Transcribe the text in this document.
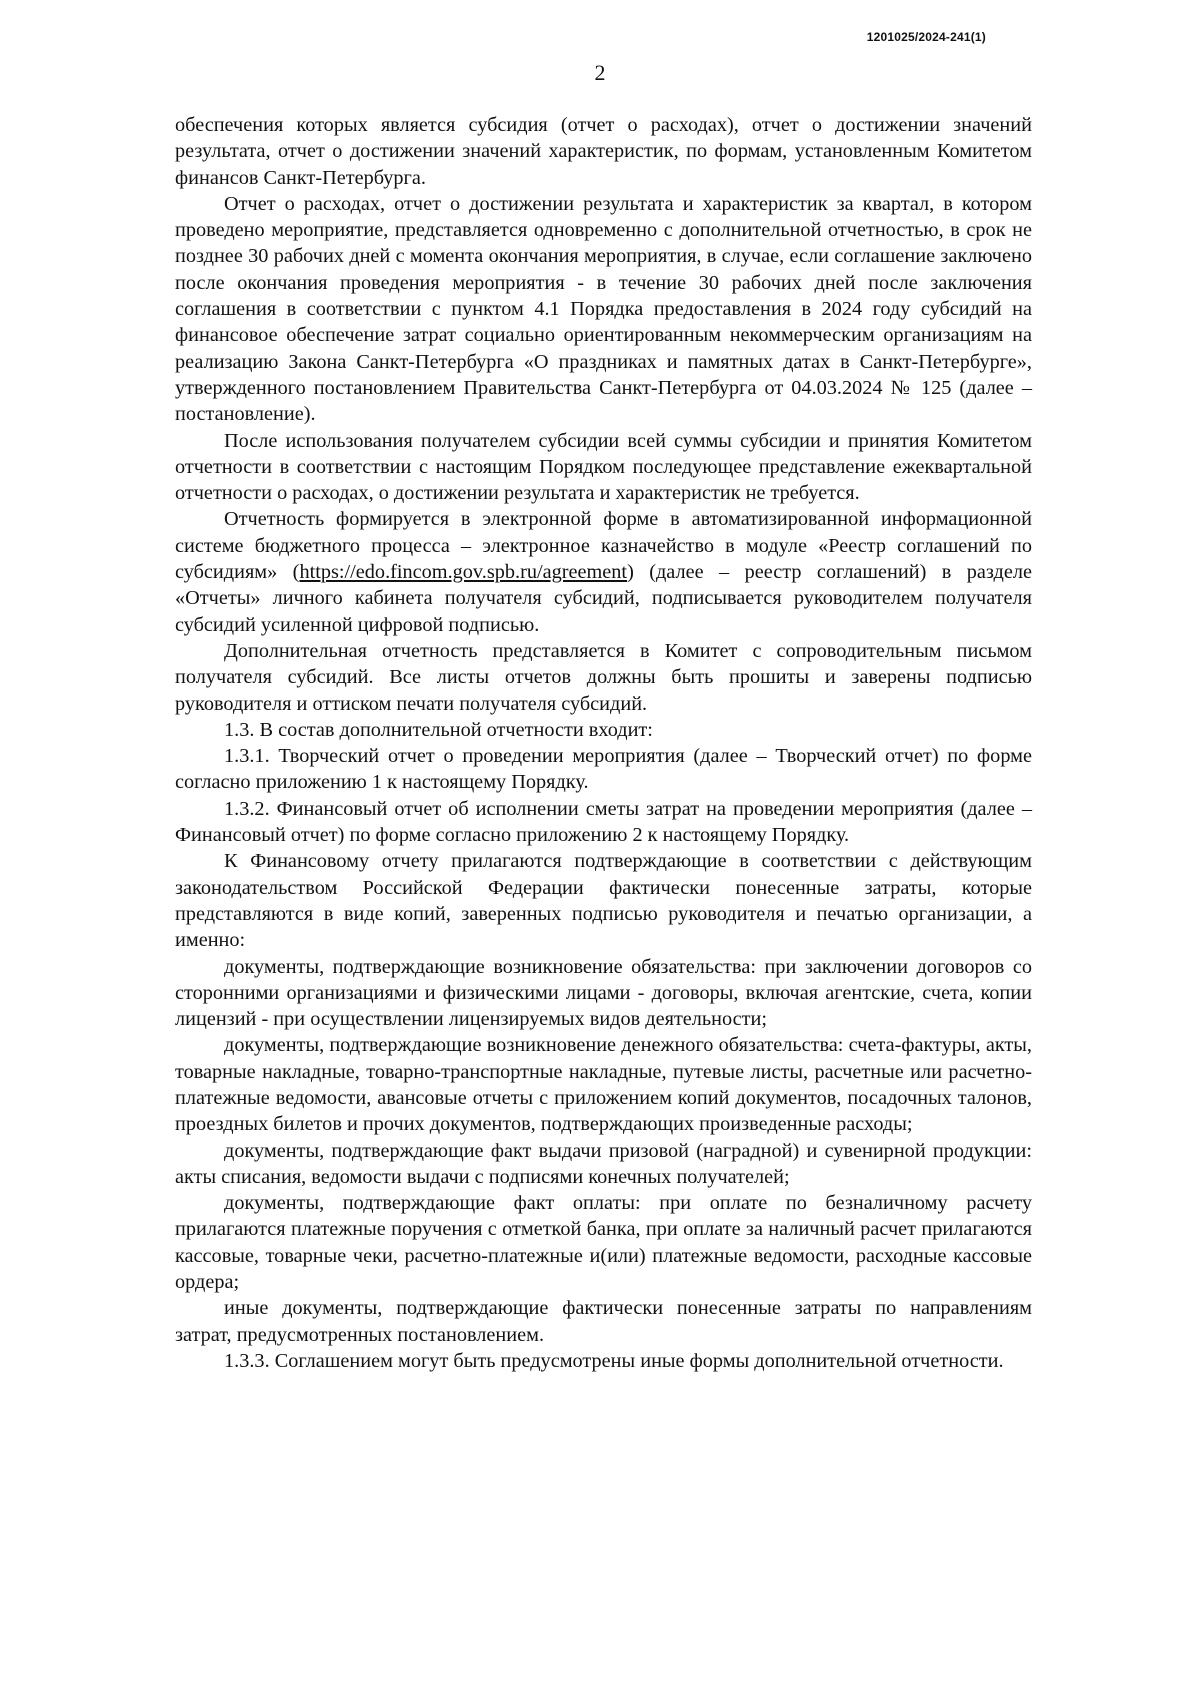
1201025/2024-241(1)
2

обеспечения которых является субсидия (отчет о расходах), отчет о достижении значений результата, отчет о достижении значений характеристик, по формам, установленным Комитетом финансов Санкт-Петербурга.

Отчет о расходах, отчет о достижении результата и характеристик за квартал, в котором проведено мероприятие, представляется одновременно с дополнительной отчетностью, в срок не позднее 30 рабочих дней с момента окончания мероприятия, в случае, если соглашение заключено после окончания проведения мероприятия - в течение 30 рабочих дней после заключения соглашения в соответствии с пунктом 4.1 Порядка предоставления в 2024 году субсидий на финансовое обеспечение затрат социально ориентированным некоммерческим организациям на реализацию Закона Санкт-Петербурга «О праздниках и памятных датах в Санкт-Петербурге», утвержденного постановлением Правительства Санкт-Петербурга от 04.03.2024 № 125 (далее – постановление).

После использования получателем субсидии всей суммы субсидии и принятия Комитетом отчетности в соответствии с настоящим Порядком последующее представление ежеквартальной отчетности о расходах, о достижении результата и характеристик не требуется.

Отчетность формируется в электронной форме в автоматизированной информационной системе бюджетного процесса – электронное казначейство в модуле «Реестр соглашений по субсидиям» (https://edo.fincom.gov.spb.ru/agreement) (далее – реестр соглашений) в разделе «Отчеты» личного кабинета получателя субсидий, подписывается руководителем получателя субсидий усиленной цифровой подписью.

Дополнительная отчетность представляется в Комитет с сопроводительным письмом получателя субсидий. Все листы отчетов должны быть прошиты и заверены подписью руководителя и оттиском печати получателя субсидий.

1.3. В состав дополнительной отчетности входит:

1.3.1. Творческий отчет о проведении мероприятия (далее – Творческий отчет) по форме согласно приложению 1 к настоящему Порядку.

1.3.2. Финансовый отчет об исполнении сметы затрат на проведении мероприятия (далее – Финансовый отчет) по форме согласно приложению 2 к настоящему Порядку.

К Финансовому отчету прилагаются подтверждающие в соответствии с действующим законодательством Российской Федерации фактически понесенные затраты, которые представляются в виде копий, заверенных подписью руководителя и печатью организации, а именно:

документы, подтверждающие возникновение обязательства: при заключении договоров со сторонними организациями и физическими лицами - договоры, включая агентские, счета, копии лицензий - при осуществлении лицензируемых видов деятельности;

документы, подтверждающие возникновение денежного обязательства: счета-фактуры, акты, товарные накладные, товарно-транспортные накладные, путевые листы, расчетные или расчетно-платежные ведомости, авансовые отчеты с приложением копий документов, посадочных талонов, проездных билетов и прочих документов, подтверждающих произведенные расходы;

документы, подтверждающие факт выдачи призовой (наградной) и сувенирной продукции: акты списания, ведомости выдачи с подписями конечных получателей;

документы, подтверждающие факт оплаты: при оплате по безналичному расчету прилагаются платежные поручения с отметкой банка, при оплате за наличный расчет прилагаются кассовые, товарные чеки, расчетно-платежные и(или) платежные ведомости, расходные кассовые ордера;

иные документы, подтверждающие фактически понесенные затраты по направлениям затрат, предусмотренных постановлением.

1.3.3. Соглашением могут быть предусмотрены иные формы дополнительной отчетности.
